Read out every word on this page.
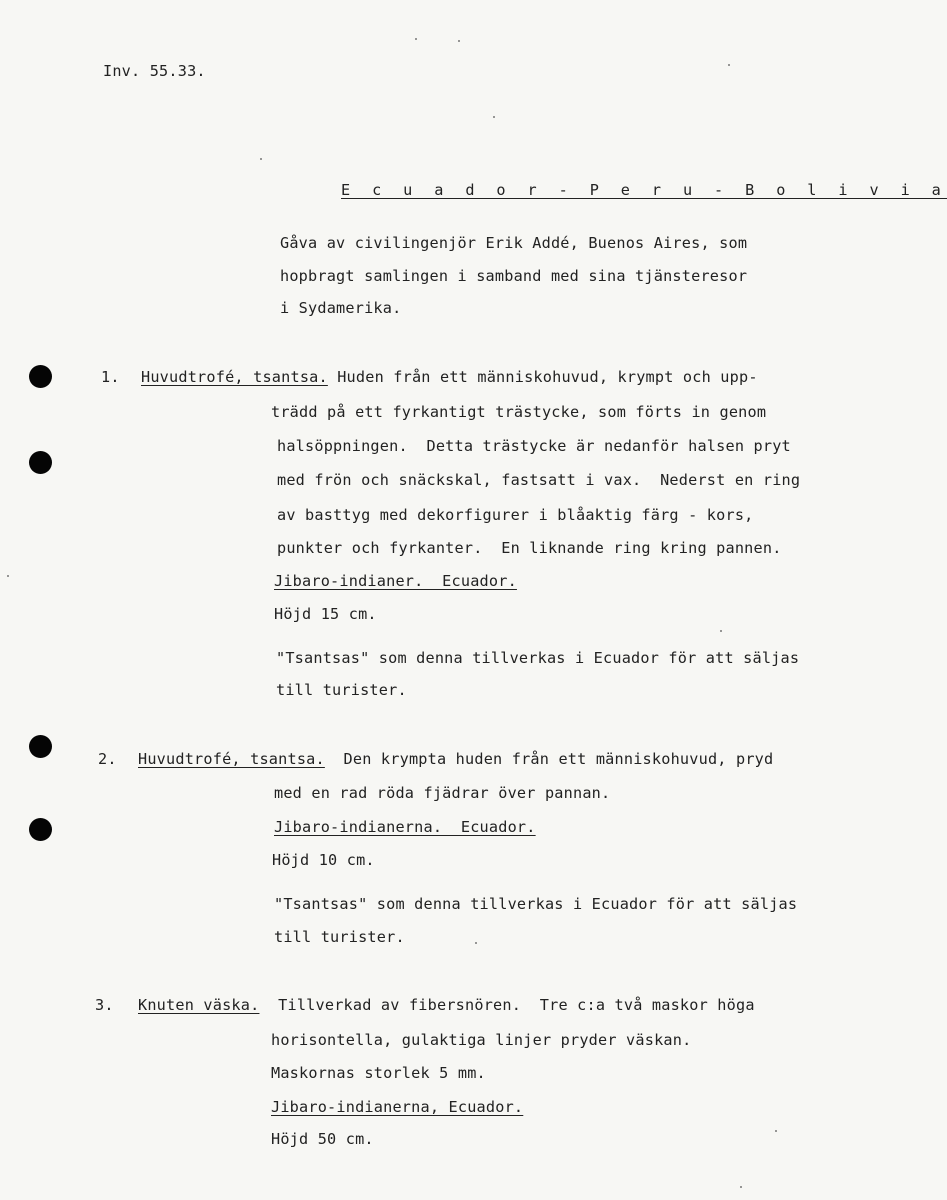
Inv. 55.33.
E c u a d o r - P e r u - B o l i v i a
Gåva av civilingenjör Erik Addé, Buenos Aires, som
hopbragt samlingen i samband med sina tjänsteresor
i Sydamerika.
1. Huvudtrofé, tsantsa. Huden från ett människohuvud, krympt och upp-
trädd på ett fyrkantigt trästycke, som förts in genom
halsöppningen.  Detta trästycke är nedanför halsen pryt
med frön och snäckskal, fastsatt i vax.  Nederst en ring
av basttyg med dekorfigurer i blåaktig färg - kors,
punkter och fyrkanter.  En liknande ring kring pannen.
Jibaro-indianer.  Ecuador.
Höjd 15 cm.
"Tsantsas" som denna tillverkas i Ecuador för att säljas
till turister.
2. Huvudtrofé, tsantsa.  Den krympta huden från ett människohuvud, pryd
med en rad röda fjädrar över pannan.
Jibaro-indianerna.  Ecuador.
Höjd 10 cm.
"Tsantsas" som denna tillverkas i Ecuador för att säljas
till turister.
3. Knuten väska.  Tillverkad av fibersnören.  Tre c:a två maskor höga
horisontella, gulaktiga linjer pryder väskan.
Maskornas storlek 5 mm.
Jibaro-indianerna, Ecuador.
Höjd 50 cm.
